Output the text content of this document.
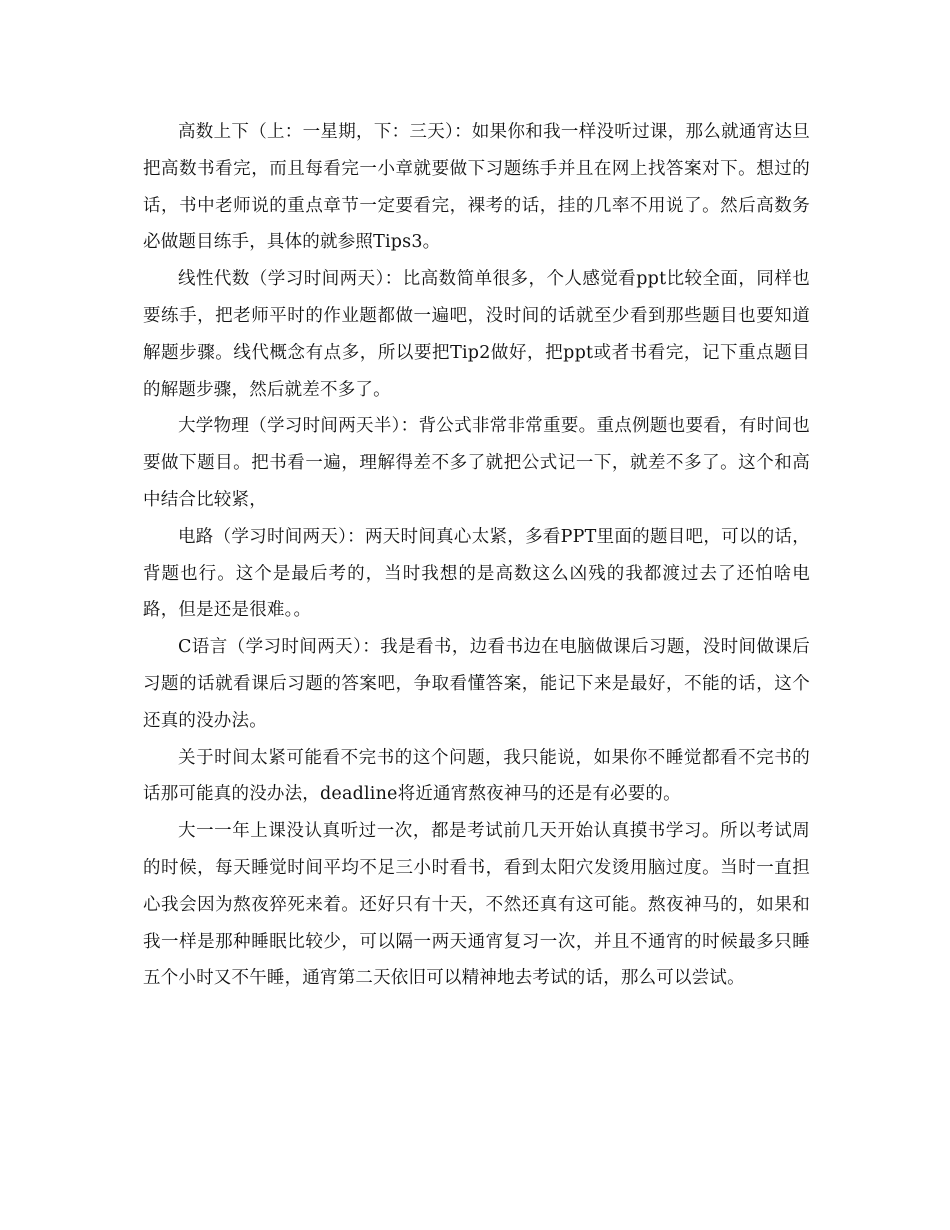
高数上下（上：一星期，下：三天）：如果你和我一样没听过课，那么就通宵达旦把高数书看完，而且每看完一小章就要做下习题练手并且在网上找答案对下。想过的话，书中老师说的重点章节一定要看完，裸考的话，挂的几率不用说了。然后高数务必做题目练手，具体的就参照Tips3。

线性代数（学习时间两天）：比高数简单很多，个人感觉看ppt比较全面，同样也要练手，把老师平时的作业题都做一遍吧，没时间的话就至少看到那些题目也要知道解题步骤。线代概念有点多，所以要把Tip2做好，把ppt或者书看完，记下重点题目的解题步骤，然后就差不多了。

大学物理（学习时间两天半）：背公式非常非常重要。重点例题也要看，有时间也要做下题目。把书看一遍，理解得差不多了就把公式记一下，就差不多了。这个和高中结合比较紧，

电路（学习时间两天）：两天时间真心太紧，多看PPT里面的题目吧，可以的话，背题也行。这个是最后考的，当时我想的是高数这么凶残的我都渡过去了还怕啥电路，但是还是很难。。

C语言（学习时间两天）：我是看书，边看书边在电脑做课后习题，没时间做课后习题的话就看课后习题的答案吧，争取看懂答案，能记下来是最好，不能的话，这个还真的没办法。

关于时间太紧可能看不完书的这个问题，我只能说，如果你不睡觉都看不完书的话那可能真的没办法，deadline将近通宵熬夜神马的还是有必要的。

大一一年上课没认真听过一次，都是考试前几天开始认真摸书学习。所以考试周的时候，每天睡觉时间平均不足三小时看书，看到太阳穴发烫用脑过度。当时一直担心我会因为熬夜猝死来着。还好只有十天，不然还真有这可能。熬夜神马的，如果和我一样是那种睡眠比较少，可以隔一两天通宵复习一次，并且不通宵的时候最多只睡五个小时又不午睡，通宵第二天依旧可以精神地去考试的话，那么可以尝试。
